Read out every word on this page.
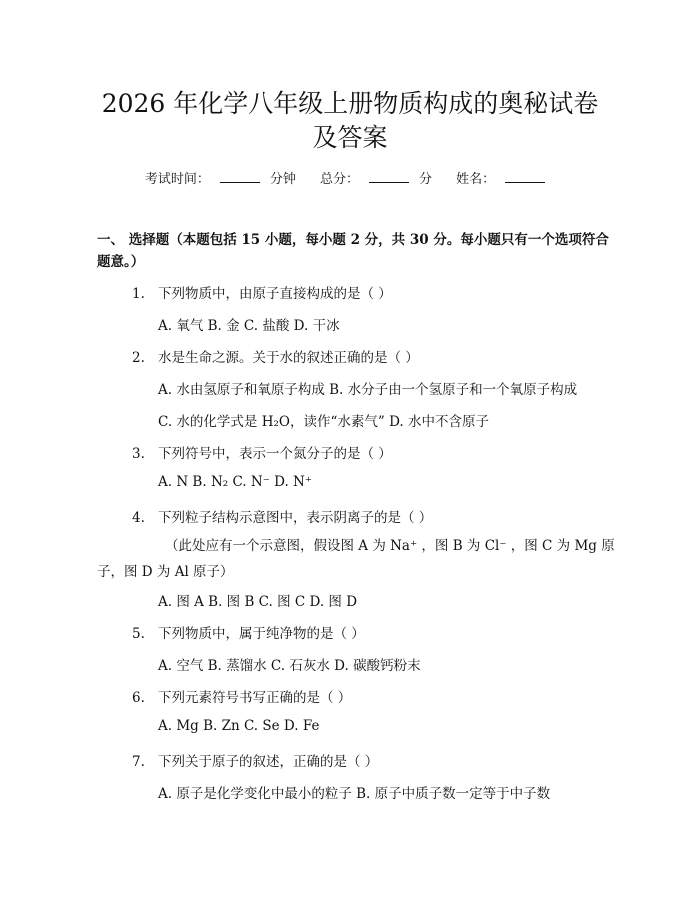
2026 年化学八年级上册物质构成的奥秘试卷
及答案
考试时间：	分钟 总分：	分 姓名：
一、 选择题（本题包括 15 小题，每小题 2 分，共 30 分。每小题只有一个选项符合题意。）
1. 下列物质中，由原子直接构成的是（ ）
A. 氧气 B. 金 C. 盐酸 D. 干冰
2. 水是生命之源。关于水的叙述正确的是（ ）
A. 水由氢原子和氧原子构成 B. 水分子由一个氢原子和一个氧原子构成
C. 水的化学式是 H₂O，读作“水素气” D. 水中不含原子
3. 下列符号中，表示一个氮分子的是（ ）
A. N B. N₂ C. N⁻ D. N⁺
4. 下列粒子结构示意图中，表示阴离子的是（ ）
（此处应有一个示意图，假设图 A 为 Na⁺ ，图 B 为 Cl⁻ ，图 C 为 Mg 原子，图 D 为 Al 原子）
A. 图 A B. 图 B C. 图 C D. 图 D
5. 下列物质中，属于纯净物的是（ ）
A. 空气 B. 蒸馏水 C. 石灰水 D. 碳酸钙粉末
6. 下列元素符号书写正确的是（ ）
A. Mg B. Zn C. Se D. Fe
7. 下列关于原子的叙述，正确的是（ ）
A. 原子是化学变化中最小的粒子 B. 原子中质子数一定等于中子数
